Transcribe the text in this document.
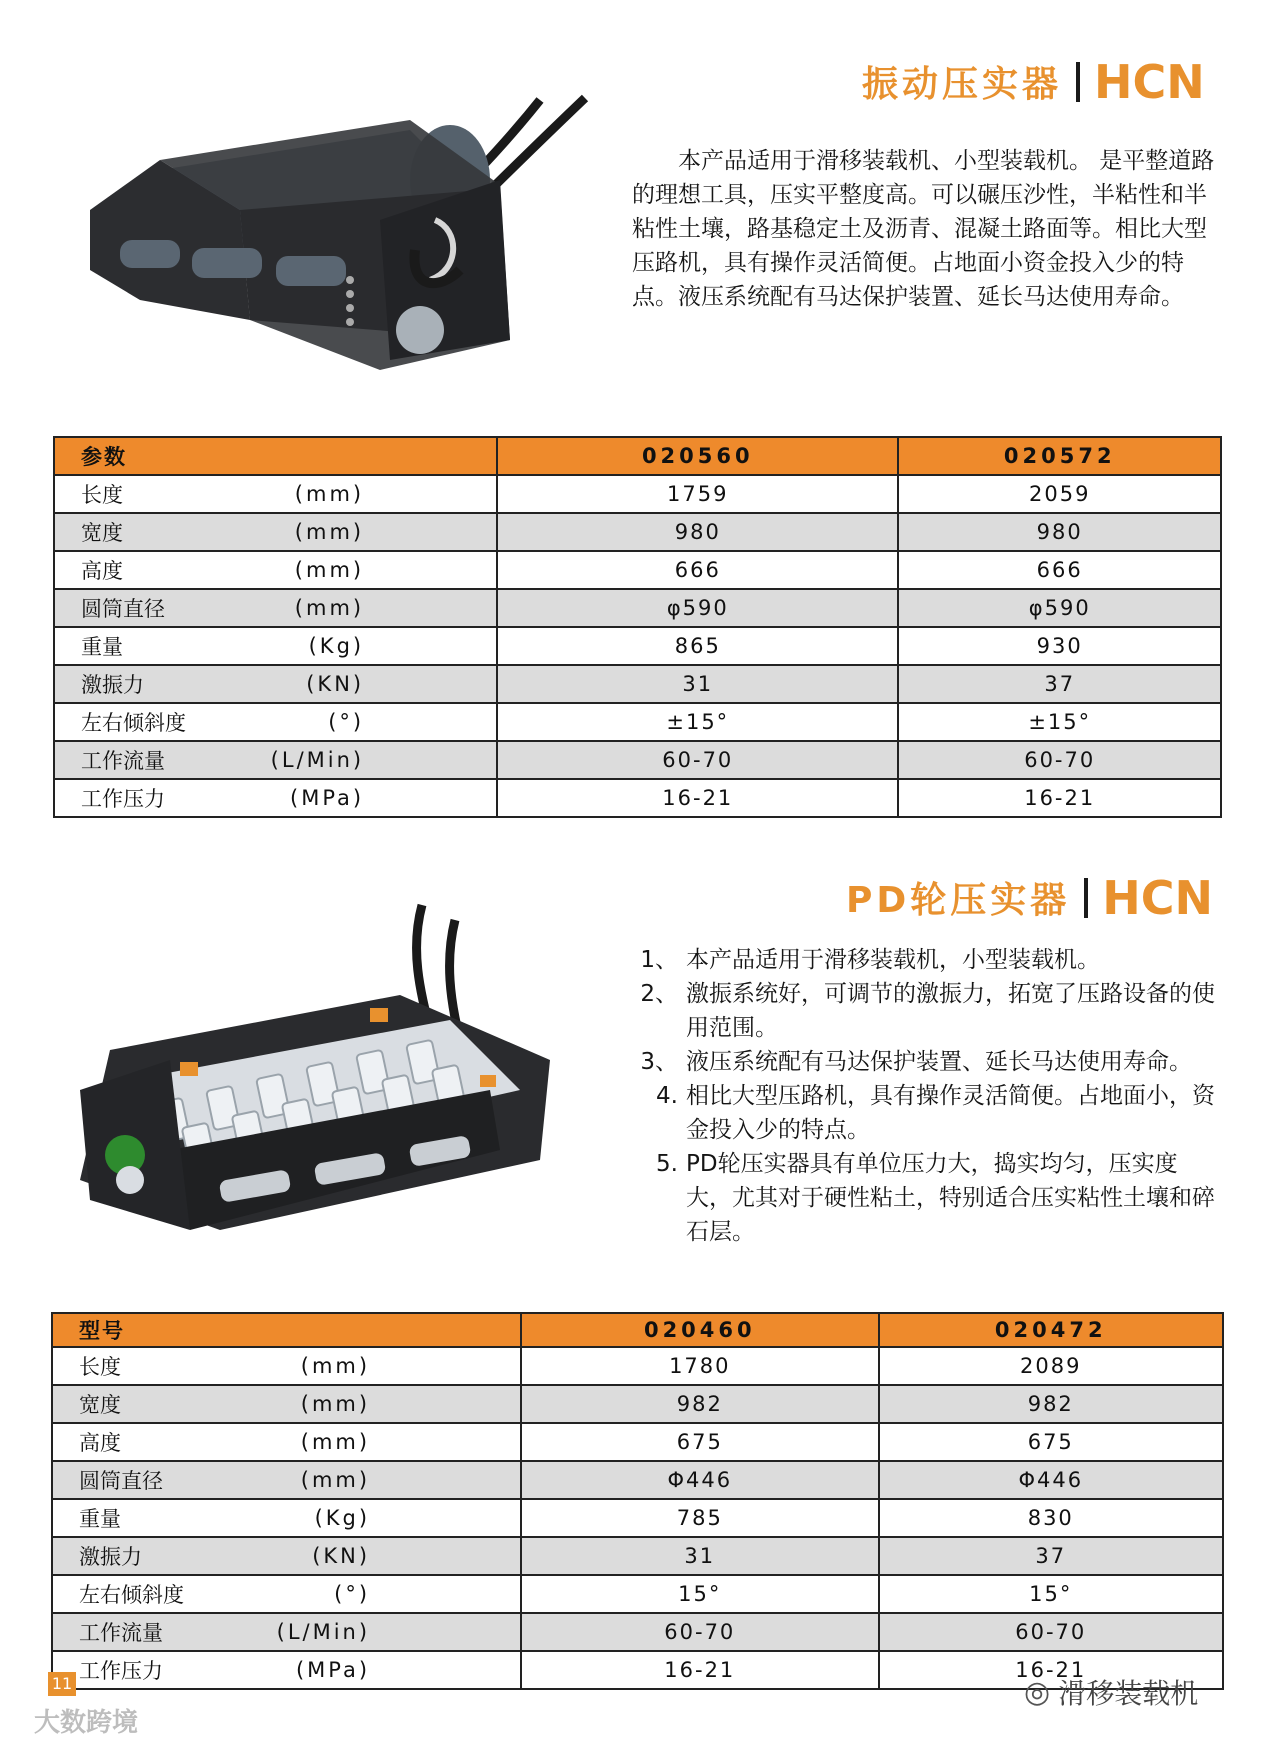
振动压实器 H C N

本产品适用于滑移装载机、小型装载机。 是平整道路的理想工具，压实平整度高。可以碾压沙性，半粘性和半粘性土壤，路基稳定土及沥青、混凝土路面等。相比大型压路机，具有操作灵活简便。占地面小资金投入少的特点。液压系统配有马达保护装置、延长马达使用寿命。

参数	020560	020572
长度 (mm)	1759	2059
宽度 (mm)	980	980
高度 (mm)	666	666
圆筒直径 (mm)	φ590	φ590
重量 (Kg)	865	930
激振力 (KN)	31	37
左右倾斜度 (°)	±15°	±15°
工作流量 (L/Min)	60-70	60-70
工作压力 (MPa)	16-21	16-21
PD轮压实器 H C N
1、 本产品适用于滑移装载机，小型装载机。
2、 激振系统好，可调节的激振力，拓宽了压路设备的使用范围。
3、 液压系统配有马达保护装置、延长马达使用寿命。
4. 相比大型压路机，具有操作灵活简便。占地面小，资金投入少的特点。
5. PD轮压实器具有单位压力大，捣实均匀，压实度大，尤其对于硬性粘土，特别适合压实粘性土壤和碎石层。
型号	020460	020472
长度 (mm)	1780	2089
宽度 (mm)	982	982
高度 (mm)	675	675
圆筒直径 (mm)	Φ446	Φ446
重量 (Kg)	785	830
激振力 (KN)	31	37
左右倾斜度 (°)	15°	15°
工作流量 (L/Min)	60-70	60-70
工作压力 (MPa)	16-21	16-21
11
大数跨境
◎ 滑移装载机
